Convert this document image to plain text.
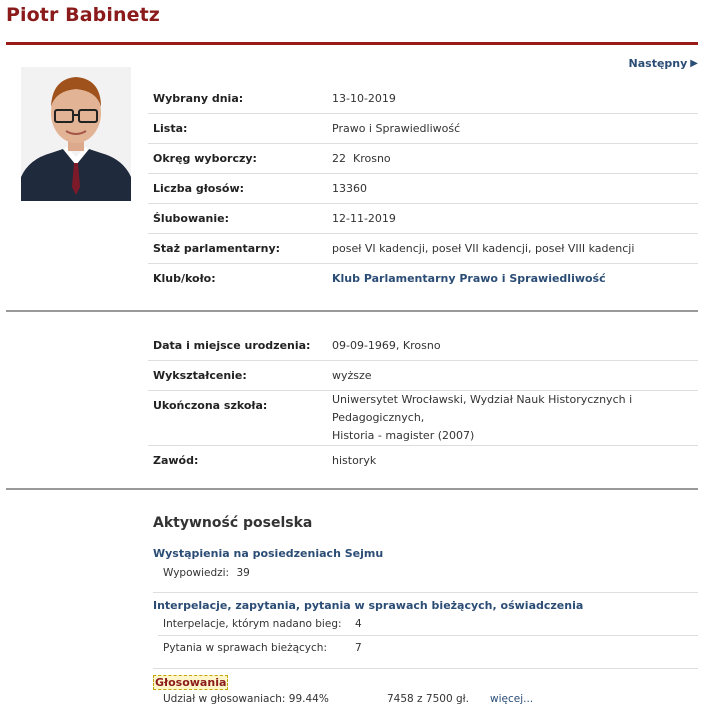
Piotr Babinetz
Następny ▶
Wybrany dnia:	13-10-2019
Lista:	Prawo i Sprawiedliwość
Okręg wyborczy:	22  Krosno
Liczba głosów:	13360
Ślubowanie:	12-11-2019
Staż parlamentarny:	poseł VI kadencji, poseł VII kadencji, poseł VIII kadencji
Klub/koło:	Klub Parlamentarny Prawo i Sprawiedliwość
Data i miejsce urodzenia:	09-09-1969, Krosno
Wykształcenie:	wyższe
Ukończona szkoła:	Uniwersytet Wrocławski, Wydział Nauk Historycznych i Pedagogicznych,
Historia - magister (2007)
Zawód:	historyk
Aktywność poselska
Wystąpienia na posiedzeniach Sejmu
Wypowiedzi: 39
Interpelacje, zapytania, pytania w sprawach bieżących, oświadczenia
Interpelacje, którym nadano bieg: 4
Pytania w sprawach bieżących:	7
Głosowania
Udział w głosowaniach: 99.44%	7458 z 7500 gł. więcej...
